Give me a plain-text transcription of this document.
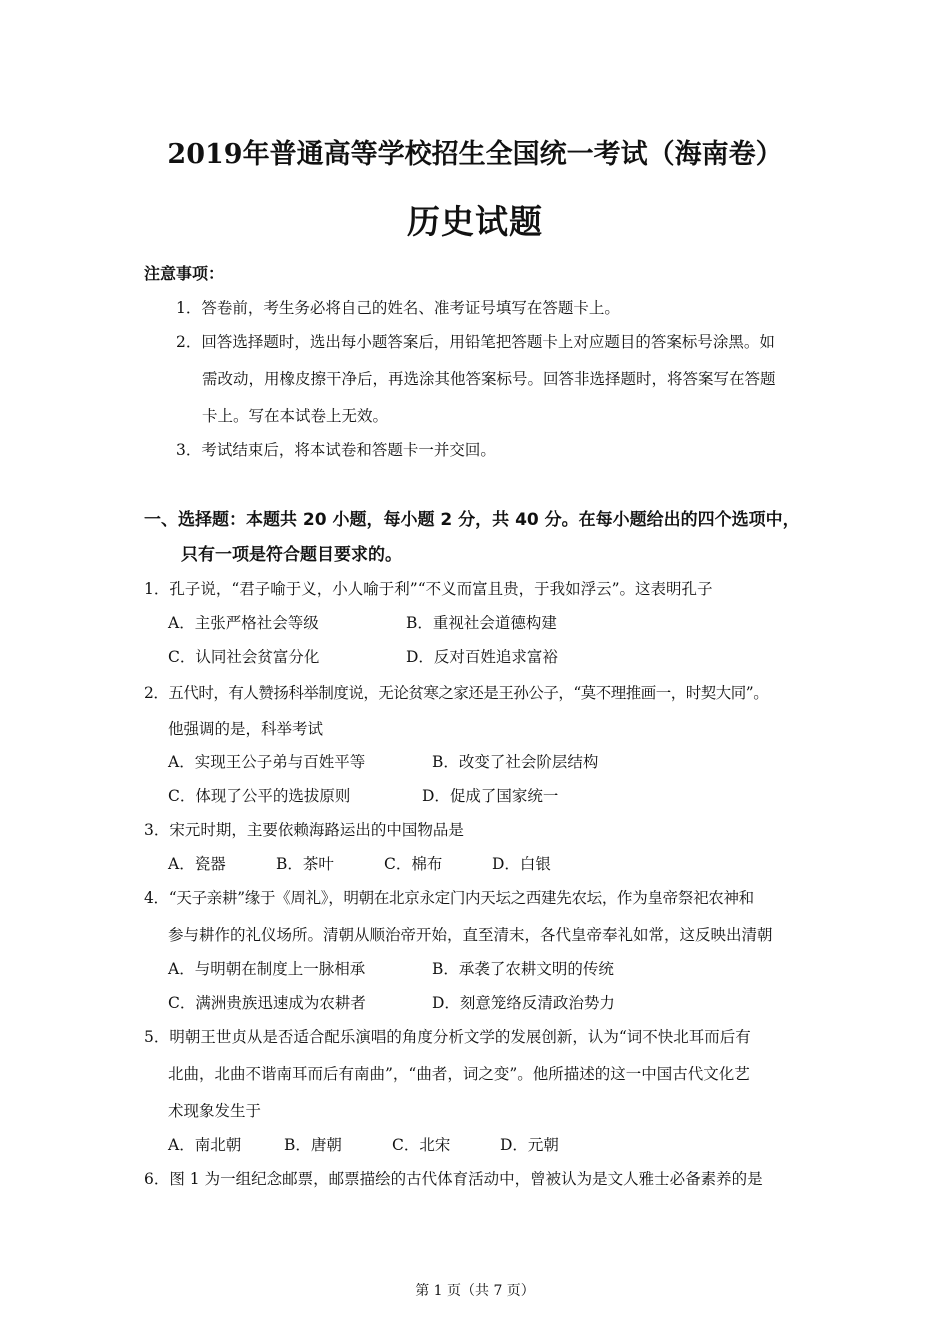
2019年普通高等学校招生全国统一考试（海南卷）
历史试题
注意事项：
1．答卷前，考生务必将自己的姓名、准考证号填写在答题卡上。
2．回答选择题时，选出每小题答案后，用铅笔把答题卡上对应题目的答案标号涂黑。如
需改动，用橡皮擦干净后，再选涂其他答案标号。回答非选择题时，将答案写在答题
卡上。写在本试卷上无效。
3．考试结束后，将本试卷和答题卡一并交回。
一、选择题：本题共 20 小题，每小题 2 分，共 40 分。在每小题给出的四个选项中，
只有一项是符合题目要求的。
1．孔子说，“君子喻于义，小人喻于利”“不义而富且贵，于我如浮云”。这表明孔子
A．主张严格社会等级	B．重视社会道德构建
C．认同社会贫富分化	D．反对百姓追求富裕
2．五代时，有人赞扬科举制度说，无论贫寒之家还是王孙公子，“莫不理推画一，时契大同”。
他强调的是，科举考试
A．实现王公子弟与百姓平等	B．改变了社会阶层结构
C．体现了公平的选拔原则	D．促成了国家统一
3．宋元时期，主要依赖海路运出的中国物品是
A．瓷器	B．茶叶	C．棉布	D．白银
4．“天子亲耕”缘于《周礼》，明朝在北京永定门内天坛之西建先农坛，作为皇帝祭祀农神和
参与耕作的礼仪场所。清朝从顺治帝开始，直至清末，各代皇帝奉礼如常，这反映出清朝
A．与明朝在制度上一脉相承	B．承袭了农耕文明的传统
C．满洲贵族迅速成为农耕者	D．刻意笼络反清政治势力
5．明朝王世贞从是否适合配乐演唱的角度分析文学的发展创新，认为“词不快北耳而后有
北曲，北曲不谐南耳而后有南曲”，“曲者，词之变”。他所描述的这一中国古代文化艺
术现象发生于
A．南北朝	B．唐朝	C．北宋	D．元朝
6．图 1 为一组纪念邮票，邮票描绘的古代体育活动中，曾被认为是文人雅士必备素养的是
第 1 页（共 7 页）
